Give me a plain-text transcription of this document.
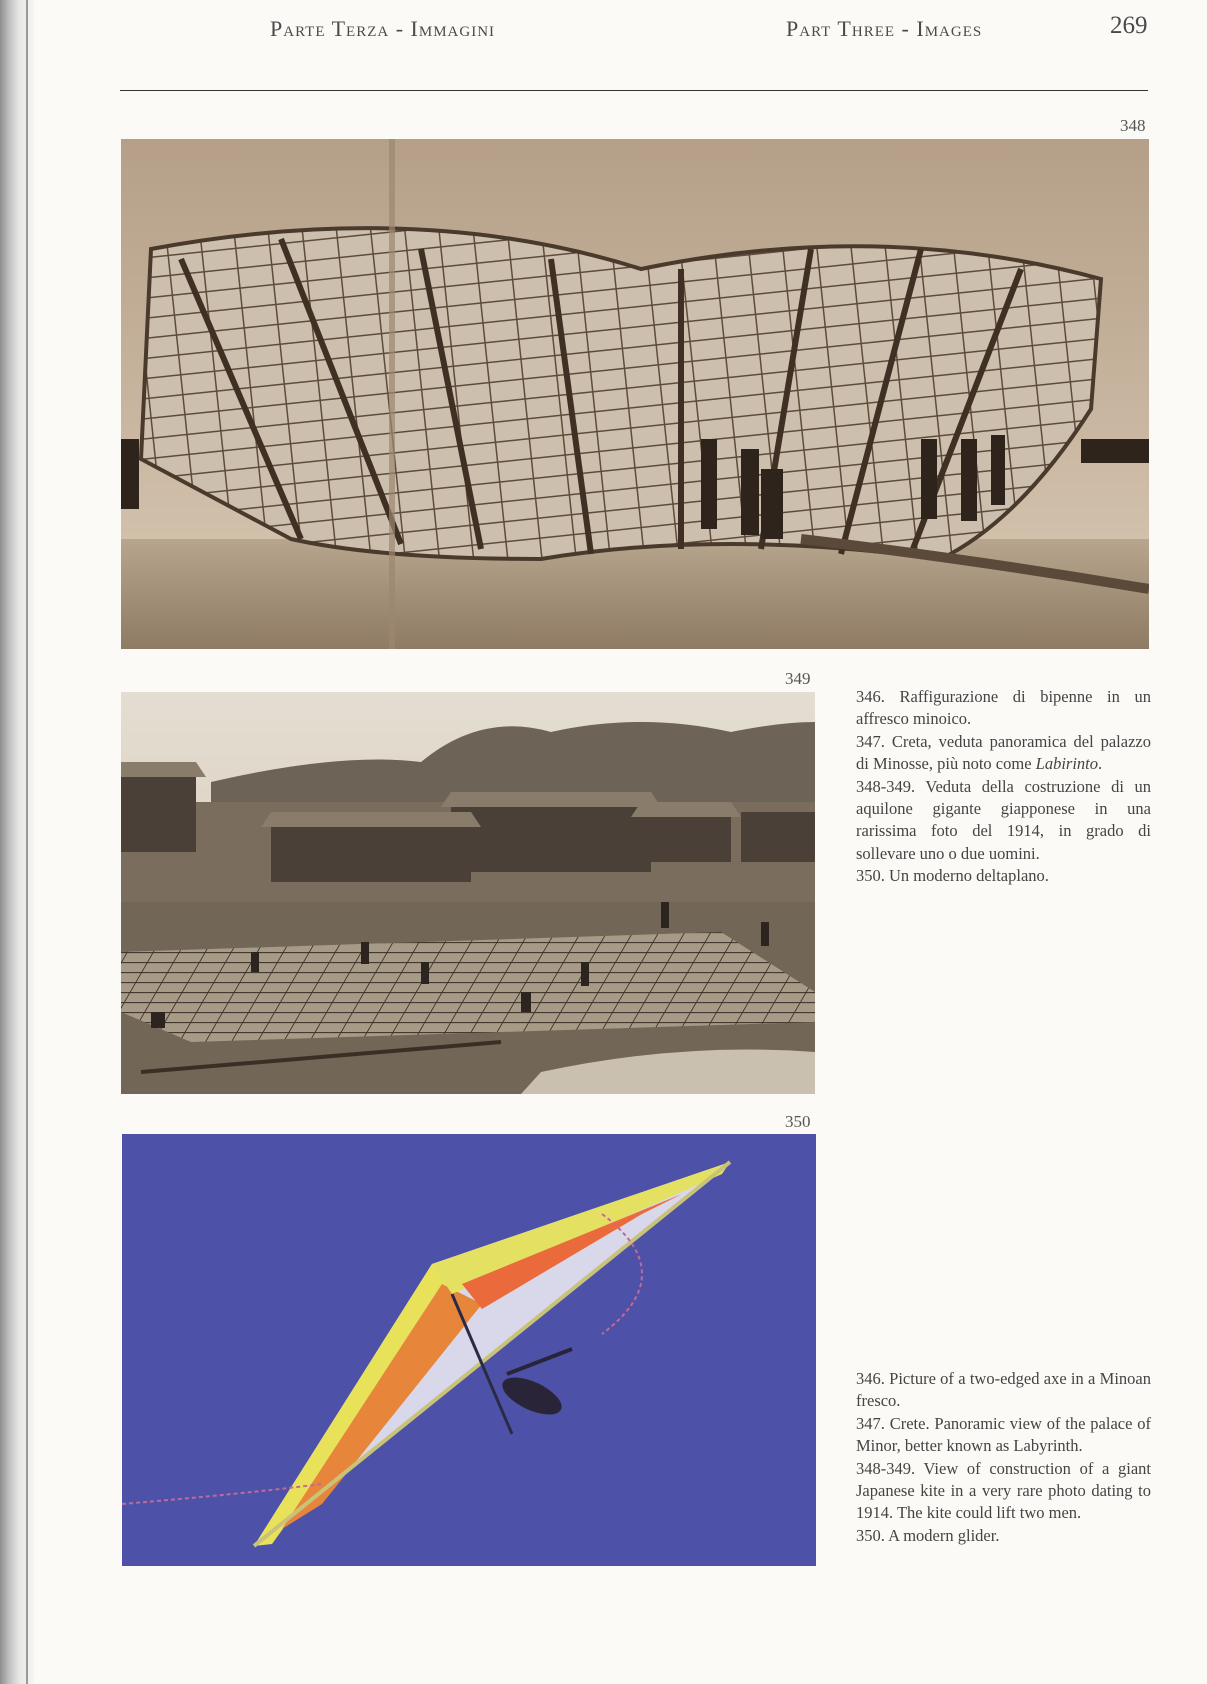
Parte Terza - Immagini	Part Three - Images	269
348
349
350

346. Raffigurazione di bipenne in un affresco minoico.

347. Creta, veduta panoramica del palazzo di Minosse, più noto come Labirinto.

348-349. Veduta della costruzione di un aquilone gigante giapponese in una rarissima foto del 1914, in grado di sollevare uno o due uomini.

350. Un moderno deltaplano.

346. Picture of a two-edged axe in a Minoan fresco.

347. Crete. Panoramic view of the palace of Minor, better known as Labyrinth.

348-349. View of construction of a giant Japanese kite in a very rare photo dating to 1914. The kite could lift two men.

350. A modern glider.
